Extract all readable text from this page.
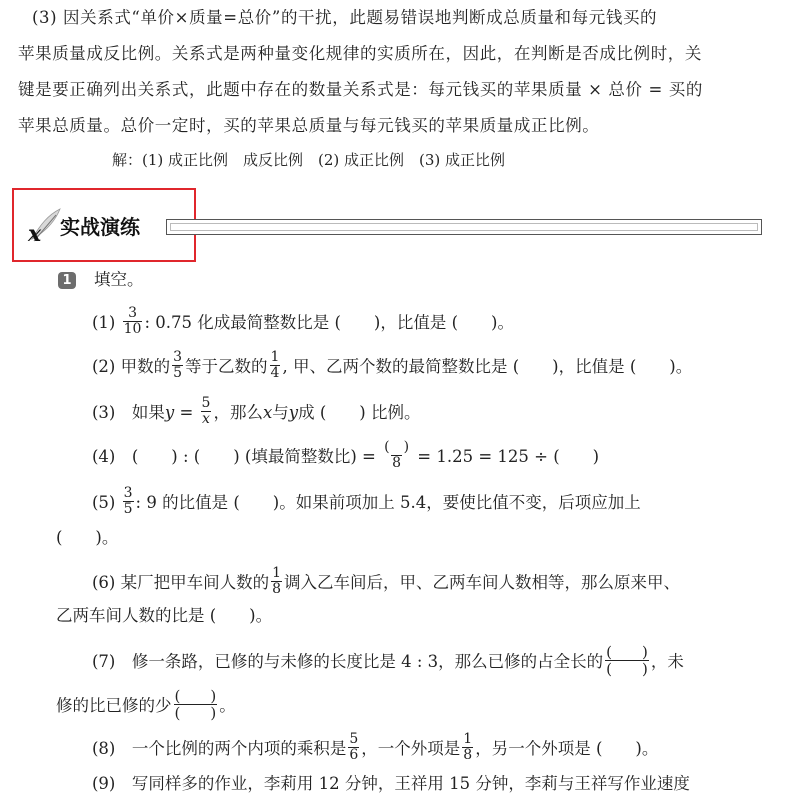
(3) 因关系式“单价×质量=总价”的干扰，此题易错误地判断成总质量和每元钱买的
苹果质量成反比例。关系式是两种量变化规律的实质所在，因此，在判断是否成比例时，关
键是要正确列出关系式，此题中存在的数量关系式是：每元钱买的苹果质量 × 总价 = 买的
苹果总质量。总价一定时，买的苹果总质量与每元钱买的苹果质量成正比例。
解：(1) 成正比例　成反比例　(2) 成正比例　(3) 成正比例
x 实战演练
1 填空。
$(1) \frac{3}{10}$ : 0.75 化成最简整数比是 (　　)，比值是 (　　)。
(2) 甲数的 $\frac{3}{5}$ 等于乙数的 $\frac{1}{4}$ , 甲、乙两个数的最简整数比是 (　　)，比值是 (　　)。
(3)　如果$y = \frac{5}{x}$ ，那么x与y成 (　　) 比例。
(4)　(　　) : (　　) (填最简整数比) = $\frac{( )}{8} = 1.25 = 125$ ÷ (　　)
$(5) \frac{3}{5}$ : 9 的比值是 (　　)。如果前项加上 5.4，要使比值不变，后项应加上
(　　)。
(6) 某厂把甲车间人数的 $\frac{1}{8}$ 调入乙车间后，甲、乙两车间人数相等，那么原来甲、
乙两车间人数的比是 (　　)。
(7)　修一条路，已修的与未修的长度比是 4 : 3，那么已修的占全长的 $\frac{( )}{( )}$ ，未
修的比已修的少 $\frac{( )}{( )}$ 。
(8)　一个比例的两个内项的乘积是 $\frac{5}{6}$ ，一个外项是 $\frac{1}{8}$ ，另一个外项是 (　　)。
(9)　写同样多的作业，李莉用 12 分钟，王祥用 15 分钟，李莉与王祥写作业速度
